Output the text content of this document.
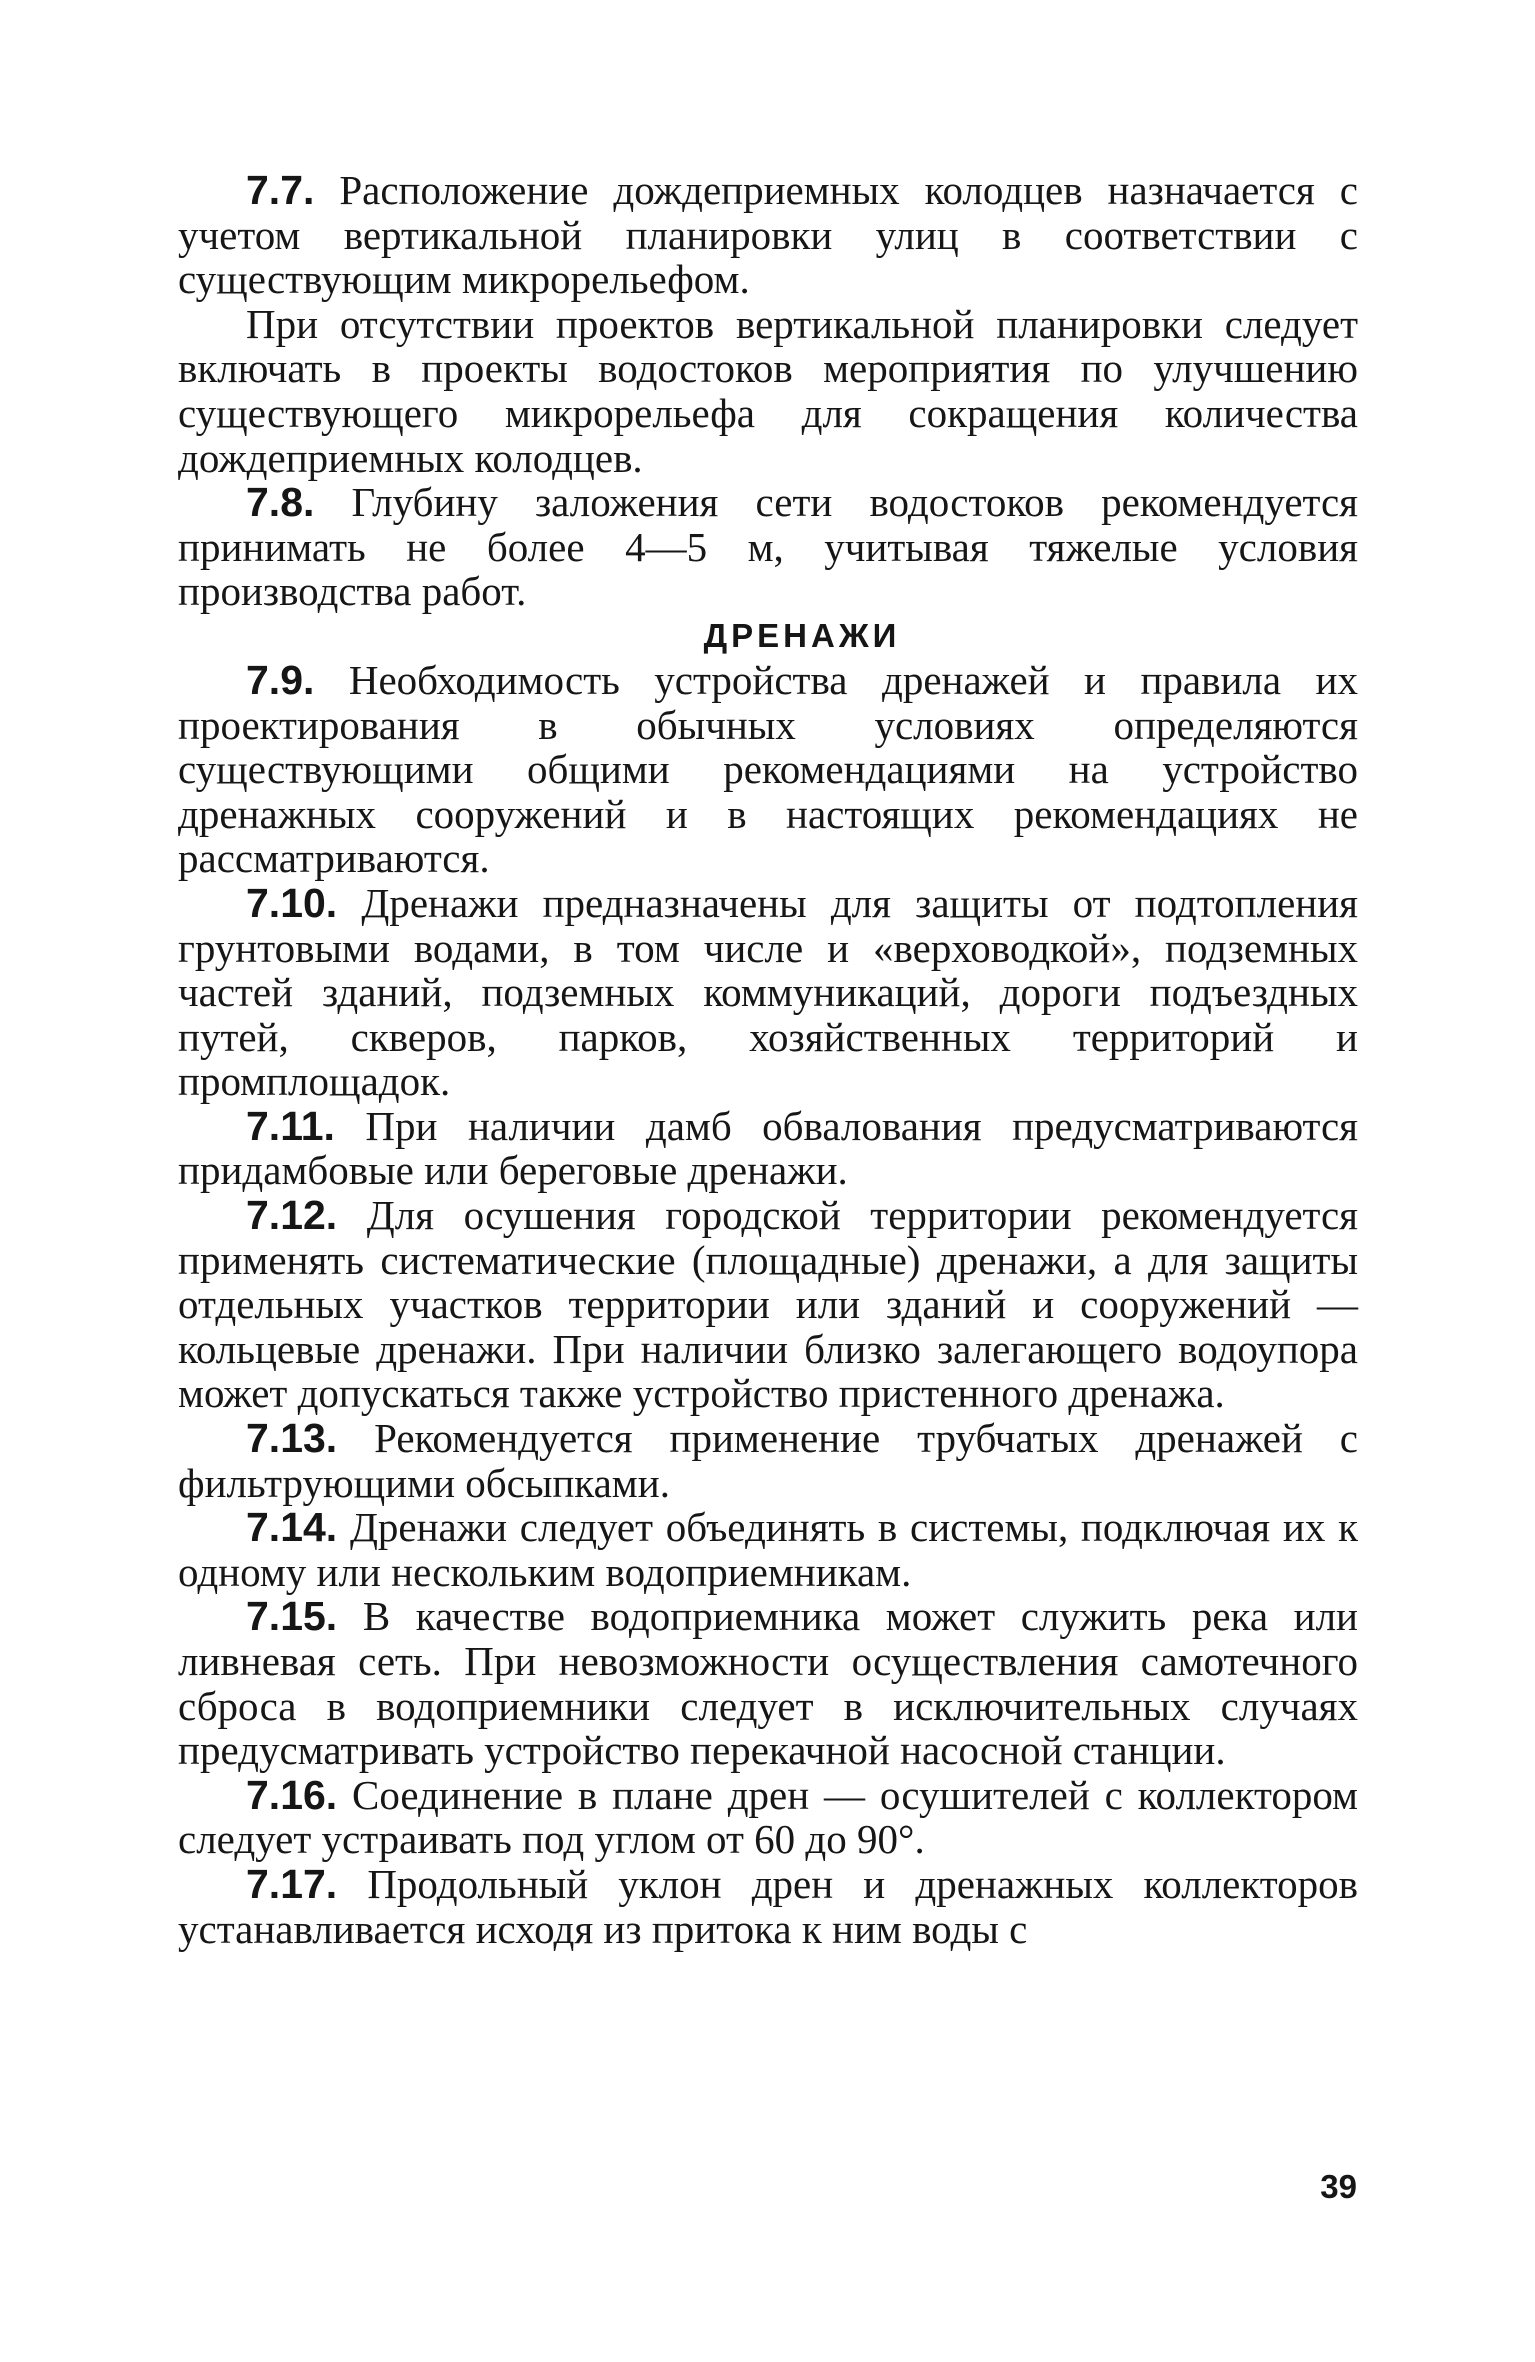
7.7. Расположение дождеприемных колодцев назначается с учетом вертикальной планировки улиц в соответствии с существующим микрорельефом.

При отсутствии проектов вертикальной планировки следует включать в проекты водостоков мероприятия по улучшению существующего микрорельефа для сокращения количества дождеприемных колодцев.

7.8. Глубину заложения сети водостоков рекомендуется принимать не более 4—5 м, учитывая тяжелые условия производства работ.

ДРЕНАЖИ

7.9. Необходимость устройства дренажей и правила их проектирования в обычных условиях определяются существующими общими рекомендациями на устройство дренажных сооружений и в настоящих рекомендациях не рассматриваются.

7.10. Дренажи предназначены для защиты от подтопления грунтовыми водами, в том числе и «верховодкой», подземных частей зданий, подземных коммуникаций, дороги подъездных путей, скверов, парков, хозяйственных территорий и промплощадок.

7.11. При наличии дамб обвалования предусматриваются придамбовые или береговые дренажи.

7.12. Для осушения городской территории рекомендуется применять систематические (площадные) дренажи, а для защиты отдельных участков территории или зданий и сооружений — кольцевые дренажи. При наличии близко залегающего водоупора может допускаться также устройство пристенного дренажа.

7.13. Рекомендуется применение трубчатых дренажей с фильтрующими обсыпками.

7.14. Дренажи следует объединять в системы, подключая их к одному или нескольким водоприемникам.

7.15. В качестве водоприемника может служить река или ливневая сеть. При невозможности осуществления самотечного сброса в водоприемники следует в исключительных случаях предусматривать устройство перекачной насосной станции.

7.16. Соединение в плане дрен — осушителей с коллектором следует устраивать под углом от 60 до 90°.

7.17. Продольный уклон дрен и дренажных коллекторов устанавливается исходя из притока к ним воды с

39
